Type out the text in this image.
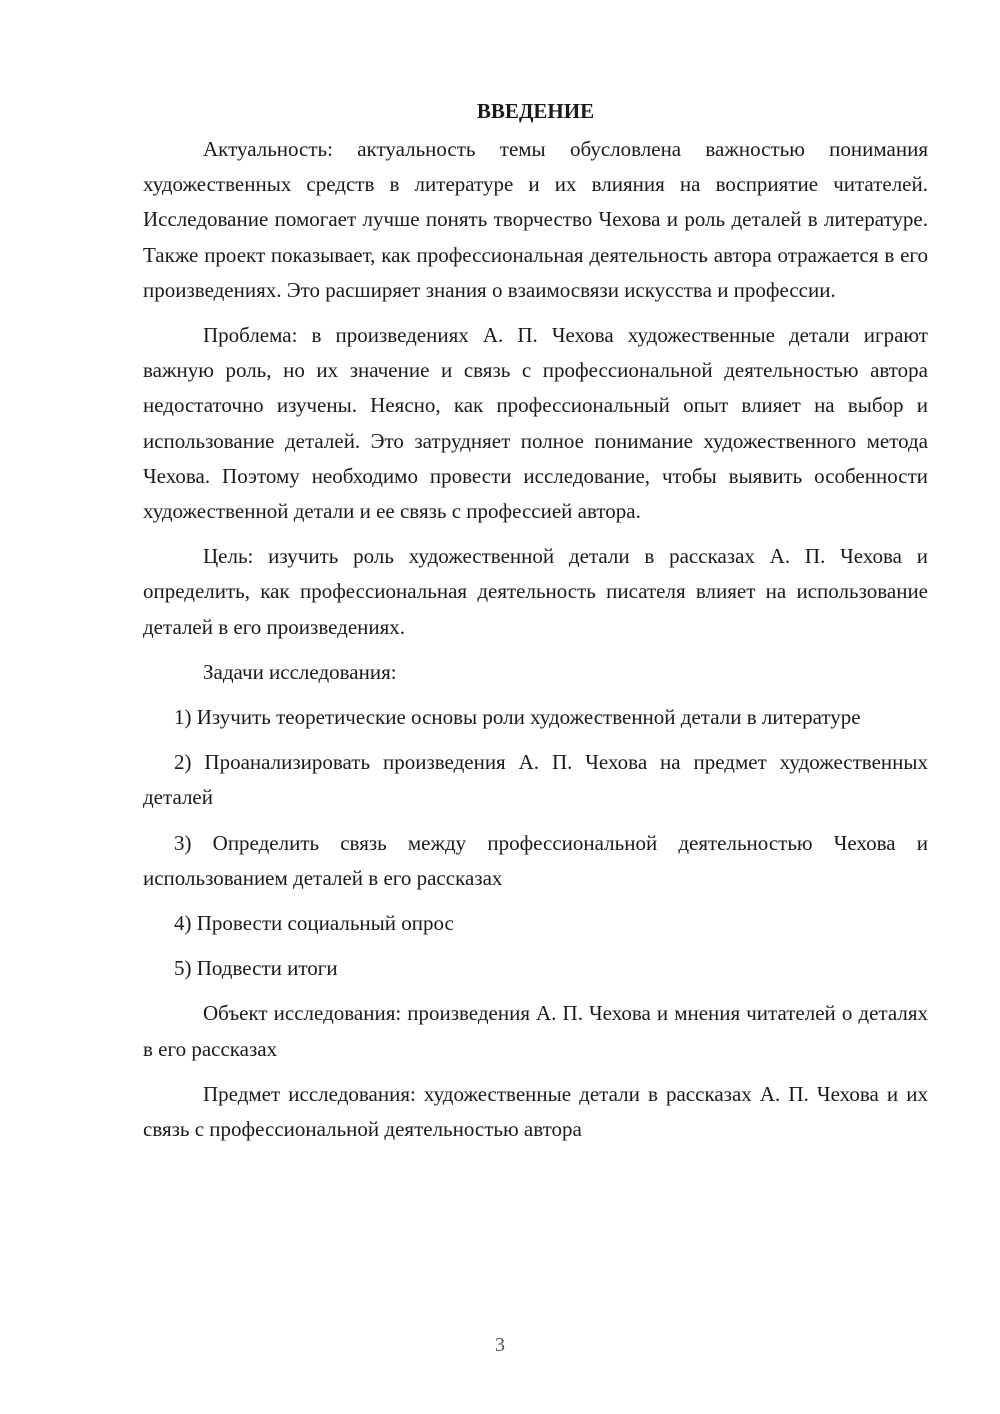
ВВЕДЕНИЕ

Актуальность: актуальность темы обусловлена важностью понимания художественных средств в литературе и их влияния на восприятие читателей. Исследование помогает лучше понять творчество Чехова и роль деталей в литературе. Также проект показывает, как профессиональная деятельность автора отражается в его произведениях. Это расширяет знания о взаимосвязи искусства и профессии.

Проблема: в произведениях А. П. Чехова художественные детали играют важную роль, но их значение и связь с профессиональной деятельностью автора недостаточно изучены. Неясно, как профессиональный опыт влияет на выбор и использование деталей. Это затрудняет полное понимание художественного метода Чехова. Поэтому необходимо провести исследование, чтобы выявить особенности художественной детали и ее связь с профессией автора.

Цель: изучить роль художественной детали в рассказах А. П. Чехова и определить, как профессиональная деятельность писателя влияет на использование деталей в его произведениях.

Задачи исследования:

1) Изучить теоретические основы роли художественной детали в литературе

2) Проанализировать произведения А. П. Чехова на предмет художественных деталей

3) Определить связь между профессиональной деятельностью Чехова и использованием деталей в его рассказах

4) Провести социальный опрос

5) Подвести итоги

Объект исследования: произведения А. П. Чехова и мнения читателей о деталях в его рассказах

Предмет исследования: художественные детали в рассказах А. П. Чехова и их связь с профессиональной деятельностью автора

3
